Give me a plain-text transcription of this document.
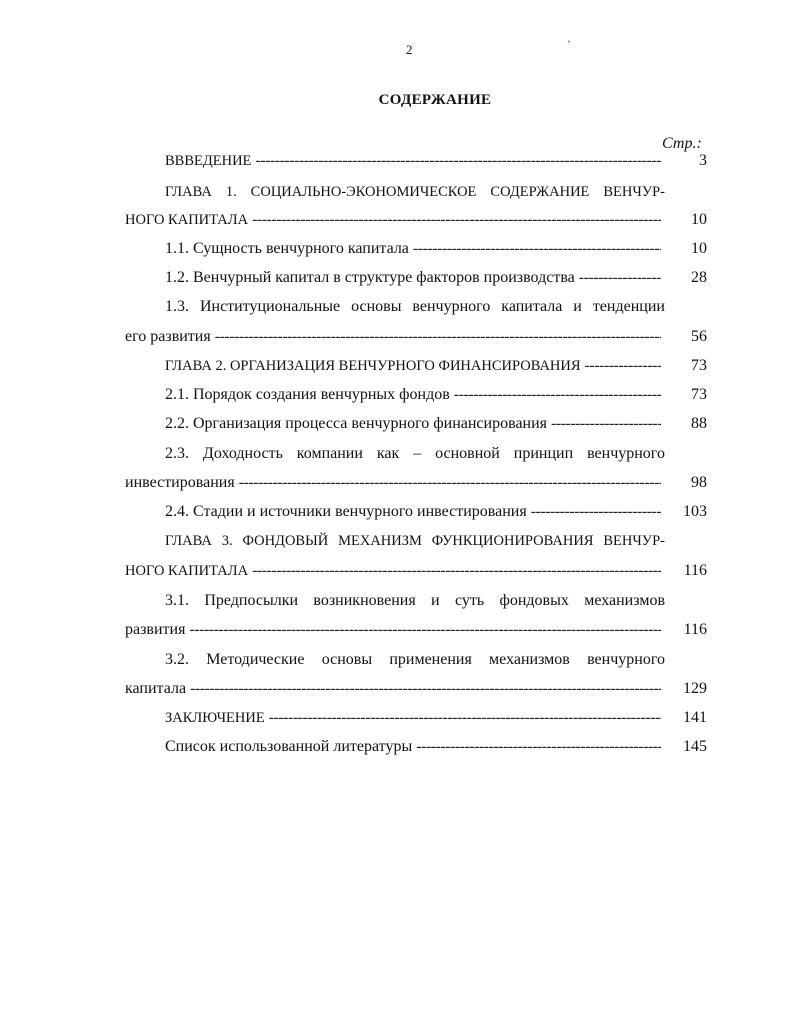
2	`
СОДЕРЖАНИЕ
Стр.:
ВВВЕДЕНИЕ -----	3
ГЛАВА 1. СОЦИАЛЬНО-ЭКОНОМИЧЕСКОЕ СОДЕРЖАНИЕ ВЕНЧУР-
НОГО КАПИТАЛА -----	10
1.1. Сущность венчурного капитала -----	10
1.2. Венчурный капитал в структуре факторов производства -----	28
1.3. Институциональные основы венчурного капитала и тенденции
его развития -----	56
ГЛАВА 2. ОРГАНИЗАЦИЯ ВЕНЧУРНОГО ФИНАНСИРОВАНИЯ -----	73
2.1. Порядок создания венчурных фондов -----	73
2.2. Организация процесса венчурного финансирования -----	88
2.3. Доходность компании как – основной принцип венчурного
инвестирования -----	98
2.4. Стадии и источники венчурного инвестирования -----	103
ГЛАВА 3. ФОНДОВЫЙ МЕХАНИЗМ ФУНКЦИОНИРОВАНИЯ ВЕНЧУР-
НОГО КАПИТАЛА -----	116
3.1. Предпосылки возникновения и суть фондовых механизмов
развития -----	116
3.2. Методические основы применения механизмов венчурного
капитала -----	129
ЗАКЛЮЧЕНИЕ -----	141
Список использованной литературы -----	145
